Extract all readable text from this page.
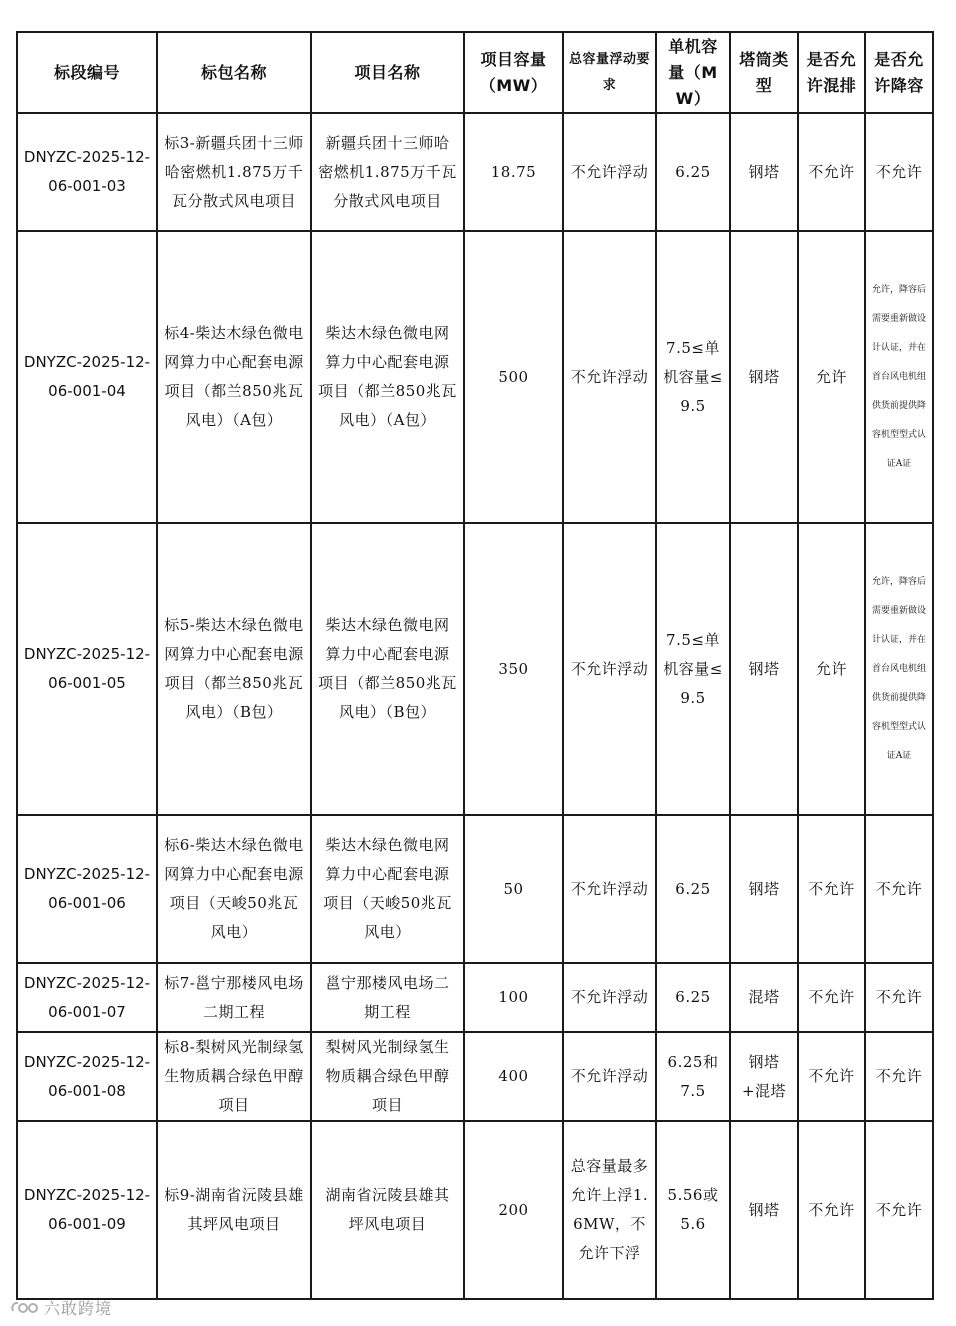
标段编号	标包名称	项目名称	项目容量（MW）	总容量浮动要求	单机容量（MW）	塔筒类型	是否允许混排	是否允许降容
DNYZC-2025-12-06-001-03	标3-新疆兵团十三师哈密燃机1.875万千瓦分散式风电项目	新疆兵团十三师哈密燃机1.875万千瓦分散式风电项目	18.75	不允许浮动	6.25	钢塔	不允许	不允许
DNYZC-2025-12-06-001-04	标4-柴达木绿色微电网算力中心配套电源项目（都兰850兆瓦风电）（A包）	柴达木绿色微电网算力中心配套电源项目（都兰850兆瓦风电）（A包）	500	不允许浮动	7.5≤单机容量≤9.5	钢塔	允许	允许，降容后需要重新做设计认证，并在首台风电机组供货前提供降容机型型式认证A证
DNYZC-2025-12-06-001-05	标5-柴达木绿色微电网算力中心配套电源项目（都兰850兆瓦风电）（B包）	柴达木绿色微电网算力中心配套电源项目（都兰850兆瓦风电）（B包）	350	不允许浮动	7.5≤单机容量≤9.5	钢塔	允许	允许，降容后需要重新做设计认证，并在首台风电机组供货前提供降容机型型式认证A证
DNYZC-2025-12-06-001-06	标6-柴达木绿色微电网算力中心配套电源项目（天峻50兆瓦风电）	柴达木绿色微电网算力中心配套电源项目（天峻50兆瓦风电）	50	不允许浮动	6.25	钢塔	不允许	不允许
DNYZC-2025-12-06-001-07	标7-邕宁那楼风电场二期工程	邕宁那楼风电场二期工程	100	不允许浮动	6.25	混塔	不允许	不允许
DNYZC-2025-12-06-001-08	标8-梨树风光制绿氢生物质耦合绿色甲醇项目	梨树风光制绿氢生物质耦合绿色甲醇项目	400	不允许浮动	6.25和7.5	钢塔+混塔	不允许	不允许
DNYZC-2025-12-06-001-09	标9-湖南省沅陵县雄其坪风电项目	湖南省沅陵县雄其坪风电项目	200	总容量最多允许上浮1.6MW，不允许下浮	5.56或5.6	钢塔	不允许	不允许
六敢跨境
